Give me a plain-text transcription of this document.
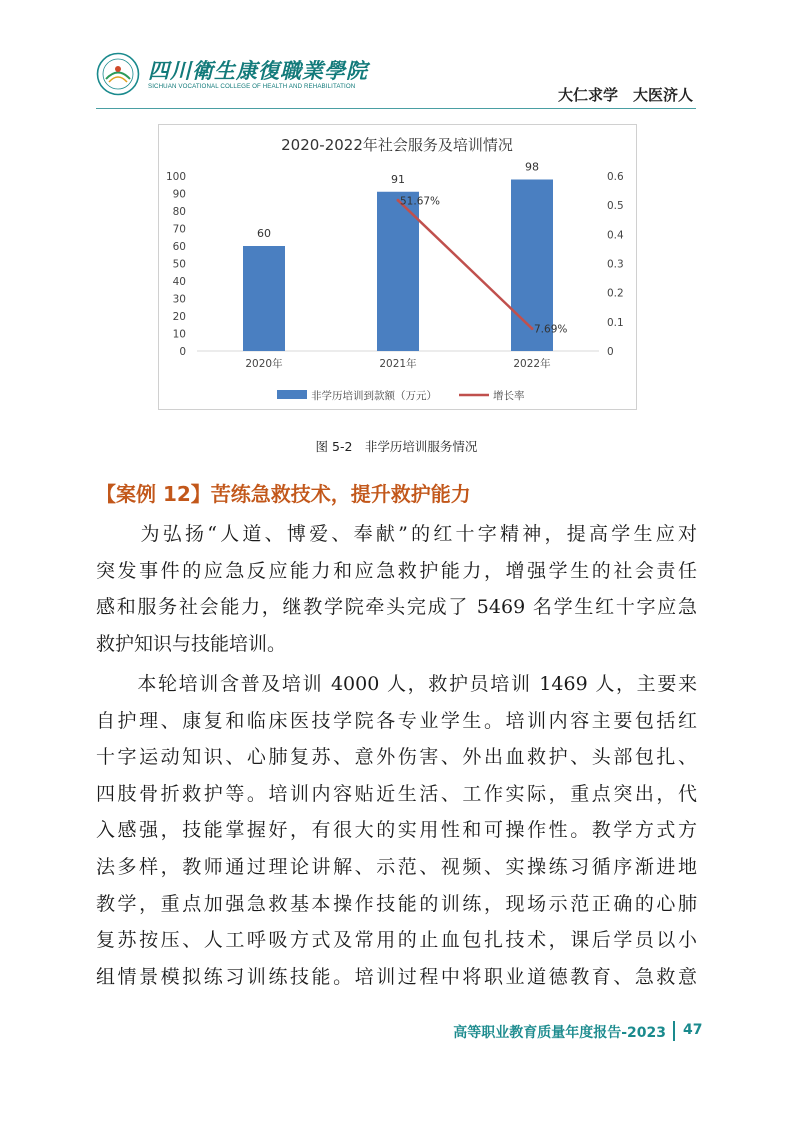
四川衛生康復職業學院
SICHUAN VOCATIONAL COLLEGE OF HEALTH AND REHABILITATION	大仁求学　大医济人
2020-2022年社会服务及培训情况
0
10
20
30
40
50
60
70
80
90
100
0
0.1
0.2
0.3
0.4
0.5
0.6
2020年	2021年	2022年
60
91
98
51.67%
7.69%
非学历培训到款额（万元）	增长率
图 5-2　非学历培训服务情况
【案例 12】苦练急救技术，提升救护能力
　　为弘扬“人道、博爱、奉献”的红十字精神，提高学生应对
突发事件的应急反应能力和应急救护能力，增强学生的社会责任
感和服务社会能力，继教学院牵头完成了 5469 名学生红十字应急
救护知识与技能培训。
　　本轮培训含普及培训 4000 人，救护员培训 1469 人，主要来
自护理、康复和临床医技学院各专业学生。培训内容主要包括红
十字运动知识、心肺复苏、意外伤害、外出血救护、头部包扎、
四肢骨折救护等。培训内容贴近生活、工作实际，重点突出，代
入感强，技能掌握好，有很大的实用性和可操作性。教学方式方
法多样，教师通过理论讲解、示范、视频、实操练习循序渐进地
教学，重点加强急救基本操作技能的训练，现场示范正确的心肺
复苏按压、人工呼吸方式及常用的止血包扎技术，课后学员以小
组情景模拟练习训练技能。培训过程中将职业道德教育、急救意
高等职业教育质量年度报告-2023 47
